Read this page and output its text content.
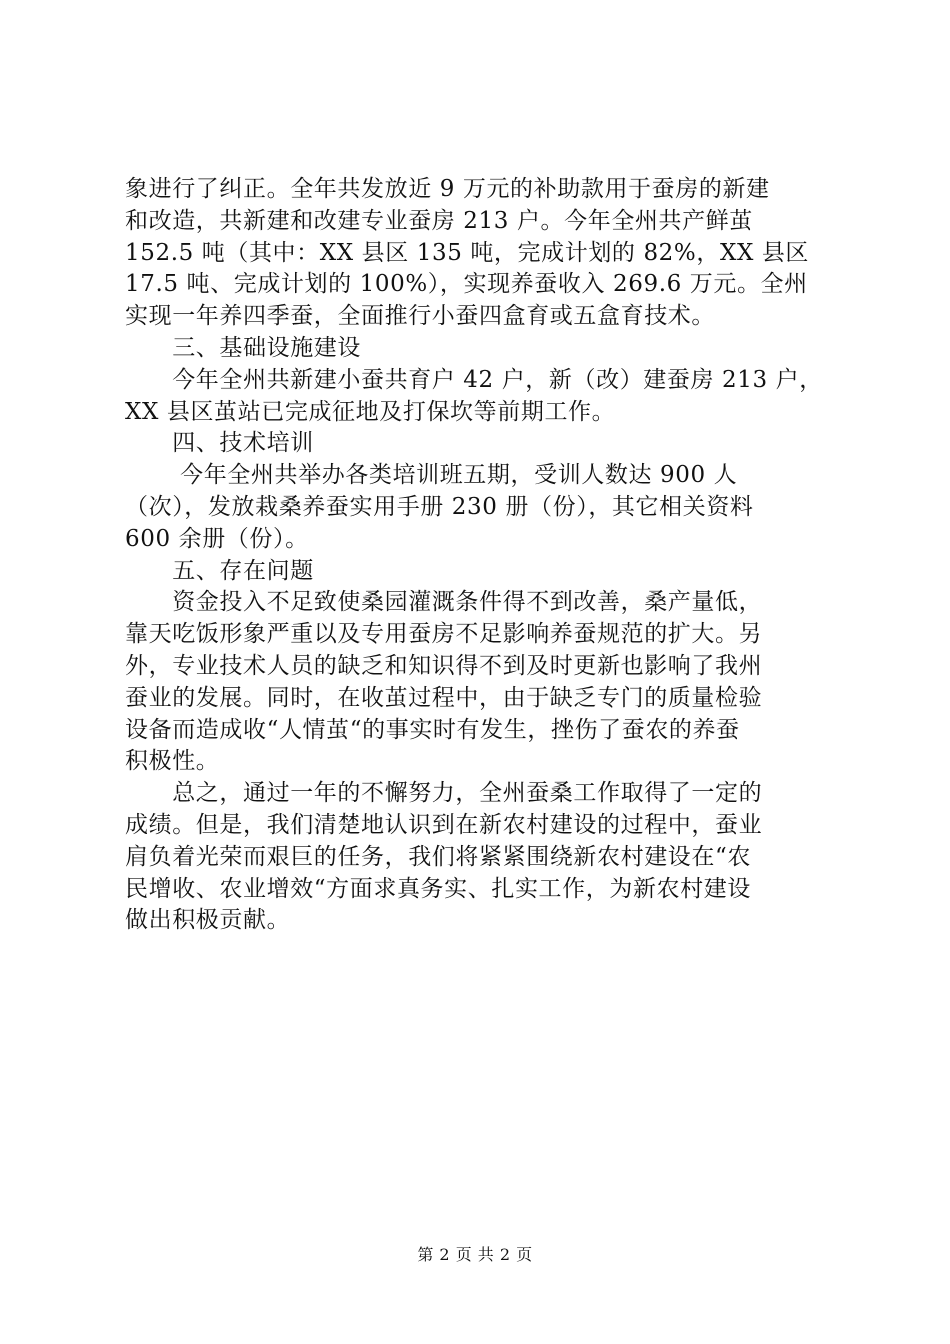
象进行了纠正。全年共发放近 9 万元的补助款用于蚕房的新建
和改造，共新建和改建专业蚕房 213 户。今年全州共产鲜茧
152.5 吨（其中：XX 县区 135 吨，完成计划的 82%，XX 县区
17.5 吨、完成计划的 100%），实现养蚕收入 269.6 万元。全州
实现一年养四季蚕，全面推行小蚕四盒育或五盒育技术。
　　三、基础设施建设
　　今年全州共新建小蚕共育户 42 户，新（改）建蚕房 213 户，
XX 县区茧站已完成征地及打保坎等前期工作。
　　四、技术培训
　　 今年全州共举办各类培训班五期，受训人数达 900 人
（次），发放栽桑养蚕实用手册 230 册（份），其它相关资料
600 余册（份）。
　　五、存在问题
　　资金投入不足致使桑园灌溉条件得不到改善，桑产量低，
靠天吃饭形象严重以及专用蚕房不足影响养蚕规范的扩大。另
外，专业技术人员的缺乏和知识得不到及时更新也影响了我州
蚕业的发展。同时，在收茧过程中，由于缺乏专门的质量检验
设备而造成收“人情茧“的事实时有发生，挫伤了蚕农的养蚕
积极性。
　　总之，通过一年的不懈努力，全州蚕桑工作取得了一定的
成绩。但是，我们清楚地认识到在新农村建设的过程中，蚕业
肩负着光荣而艰巨的任务，我们将紧紧围绕新农村建设在“农
民增收、农业增效“方面求真务实、扎实工作，为新农村建设
做出积极贡献。
第 2 页 共 2 页
